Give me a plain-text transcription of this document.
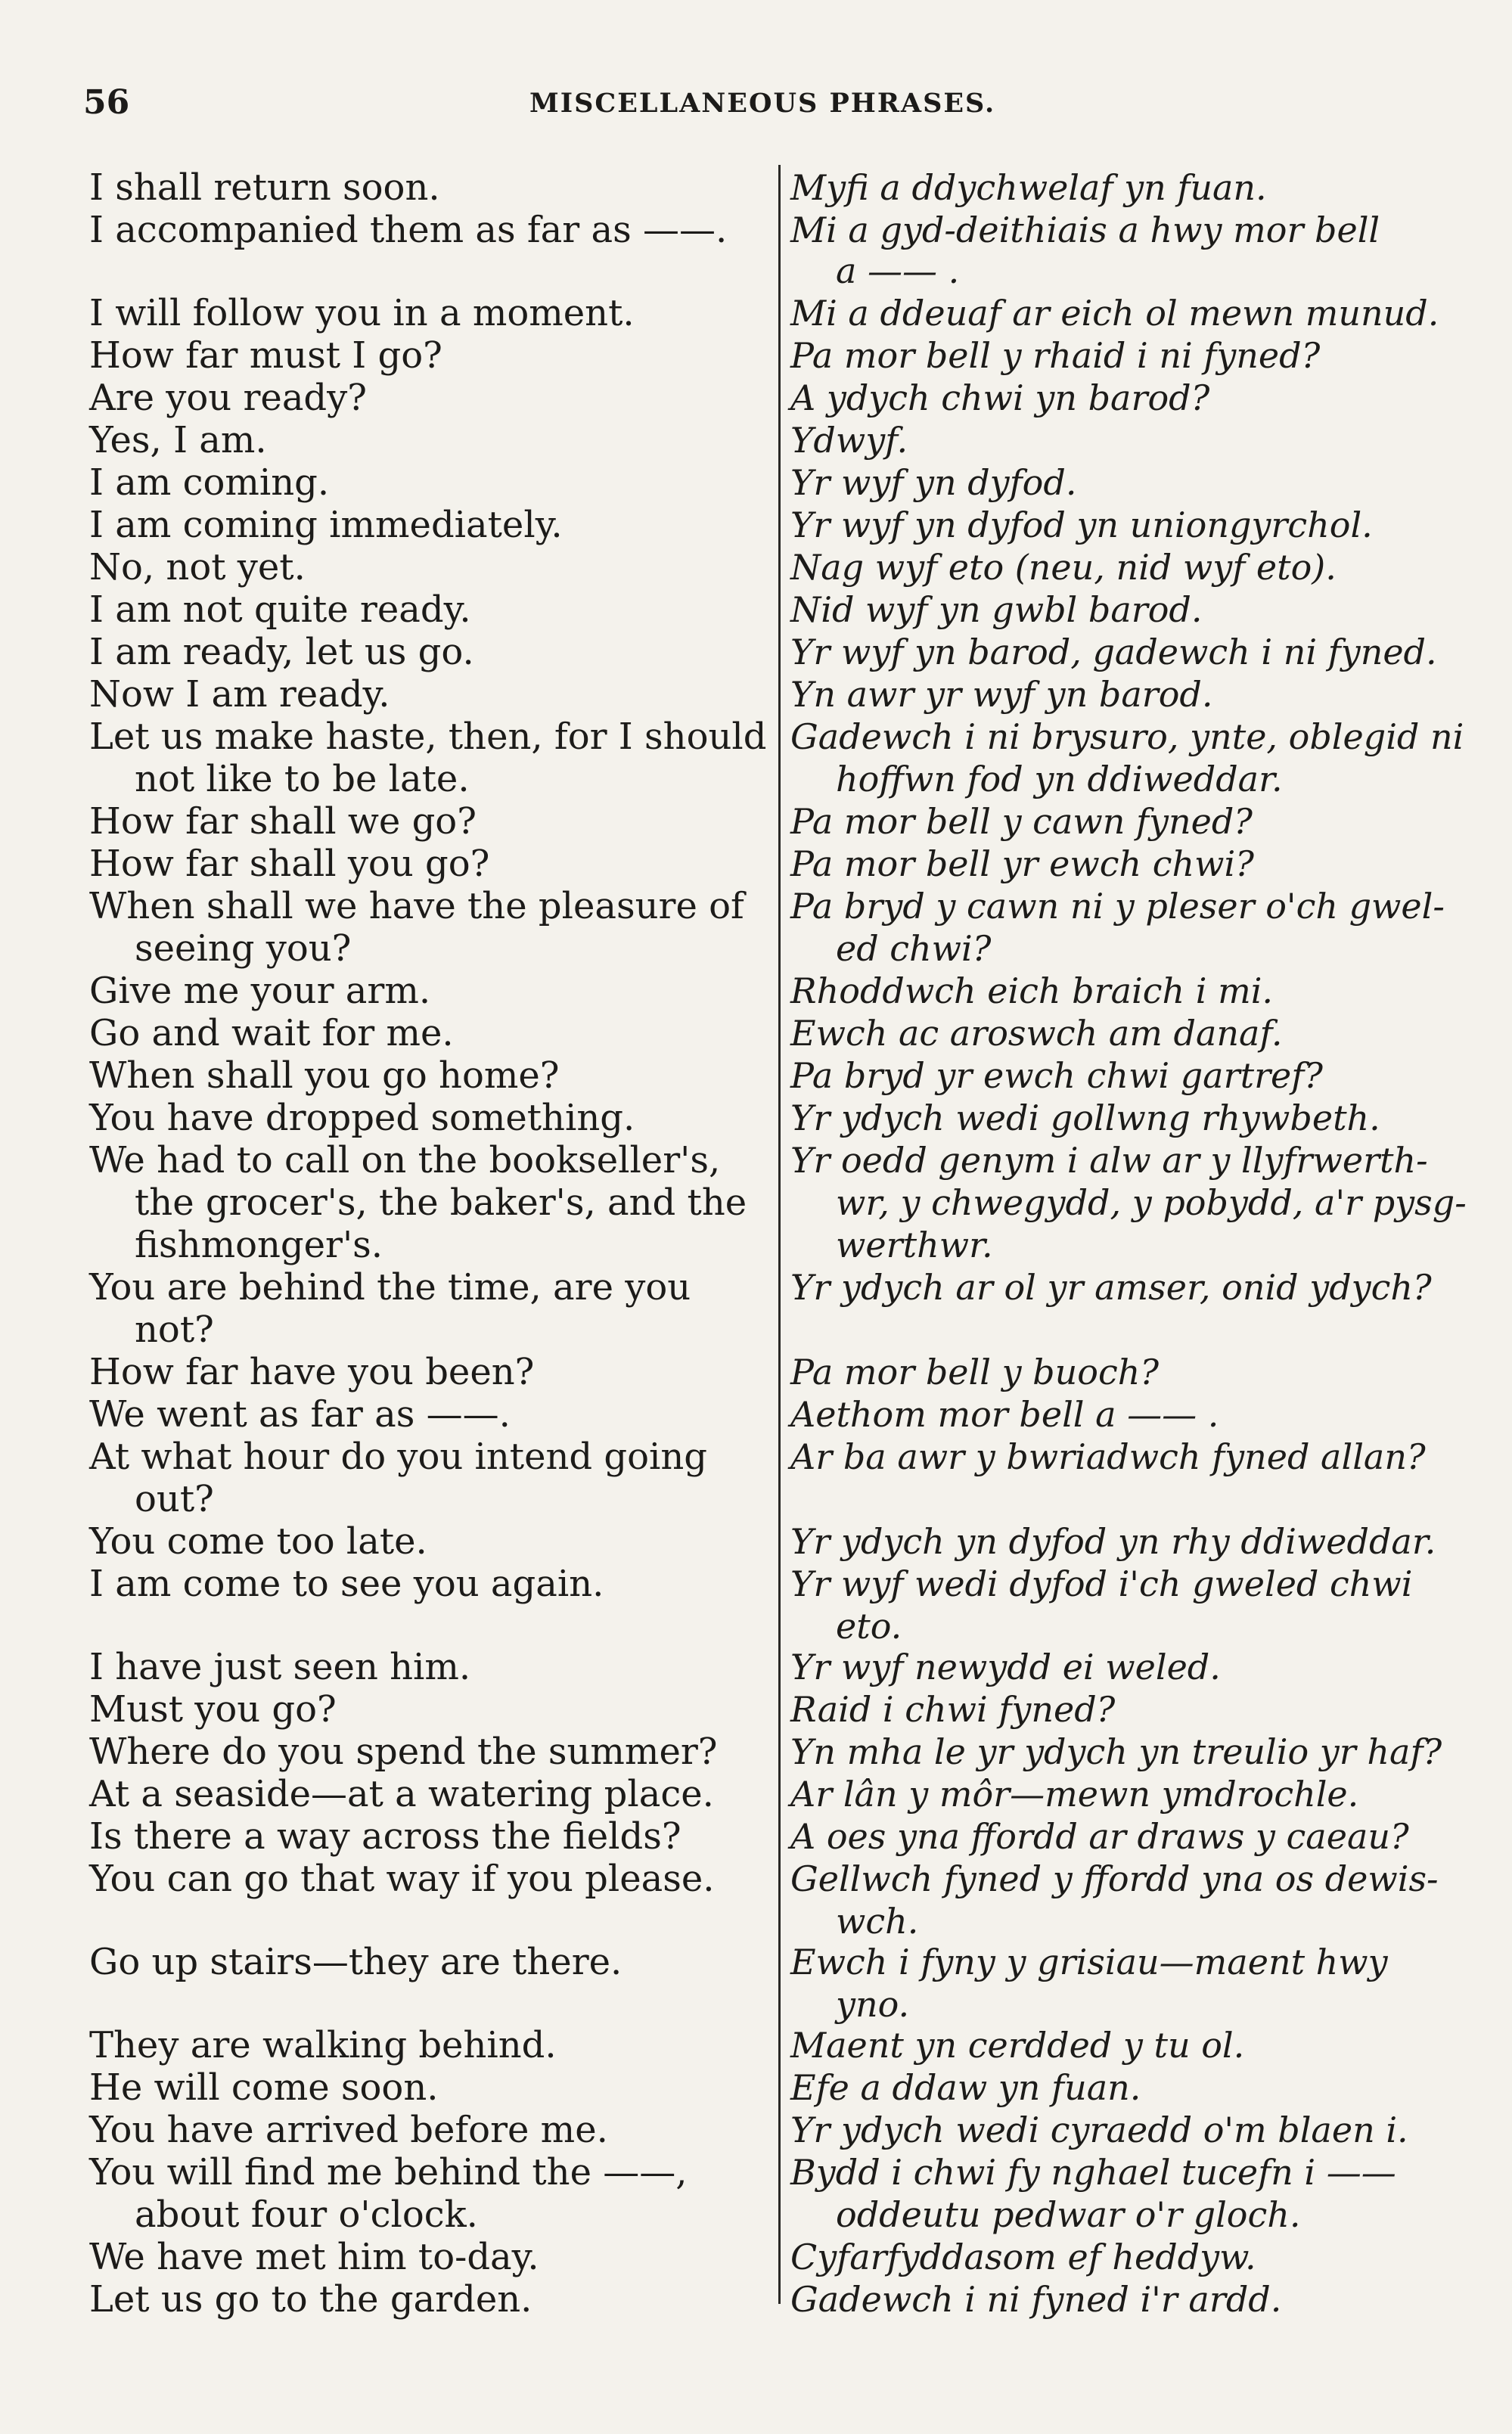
56	MISCELLANEOUS PHRASES.
I shall return soon.
I accompanied them as far as ——.
I will follow you in a moment.
How far must I go?
Are you ready?
Yes, I am.
I am coming.
I am coming immediately.
No, not yet.
I am not quite ready.
I am ready, let us go.
Now I am ready.
Let us make haste, then, for I should
not like to be late.
How far shall we go?
How far shall you go?
When shall we have the pleasure of
seeing you?
Give me your arm.
Go and wait for me.
When shall you go home?
You have dropped something.
We had to call on the bookseller's,
the grocer's, the baker's, and the
fishmonger's.
You are behind the time, are you
not?
How far have you been?
We went as far as ——.
At what hour do you intend going
out?
You come too late.
I am come to see you again.
I have just seen him.
Must you go?
Where do you spend the summer?
At a seaside—at a watering place.
Is there a way across the fields?
You can go that way if you please.
Go up stairs—they are there.
They are walking behind.
He will come soon.
You have arrived before me.
You will find me behind the ——,
about four o'clock.
We have met him to-day.
Let us go to the garden.
Myfi a ddychwelaf yn fuan.
Mi a gyd-deithiais a hwy mor bell
a —— .
Mi a ddeuaf ar eich ol mewn munud.
Pa mor bell y rhaid i ni fyned?
A ydych chwi yn barod?
Ydwyf.
Yr wyf yn dyfod.
Yr wyf yn dyfod yn uniongyrchol.
Nag wyf eto (neu, nid wyf eto).
Nid wyf yn gwbl barod.
Yr wyf yn barod, gadewch i ni fyned.
Yn awr yr wyf yn barod.
Gadewch i ni brysuro, ynte, oblegid ni
hoffwn fod yn ddiweddar.
Pa mor bell y cawn fyned?
Pa mor bell yr ewch chwi?
Pa bryd y cawn ni y pleser o'ch gwel-
ed chwi?
Rhoddwch eich braich i mi.
Ewch ac aroswch am danaf.
Pa bryd yr ewch chwi gartref?
Yr ydych wedi gollwng rhywbeth.
Yr oedd genym i alw ar y llyfrwerth-
wr, y chwegydd, y pobydd, a'r pysg-
werthwr.
Yr ydych ar ol yr amser, onid ydych?
Pa mor bell y buoch?
Aethom mor bell a —— .
Ar ba awr y bwriadwch fyned allan?
Yr ydych yn dyfod yn rhy ddiweddar.
Yr wyf wedi dyfod i'ch gweled chwi
eto.
Yr wyf newydd ei weled.
Raid i chwi fyned?
Yn mha le yr ydych yn treulio yr haf?
Ar lân y môr—mewn ymdrochle.
A oes yna ffordd ar draws y caeau?
Gellwch fyned y ffordd yna os dewis-
wch.
Ewch i fyny y grisiau—maent hwy
yno.
Maent yn cerdded y tu ol.
Efe a ddaw yn fuan.
Yr ydych wedi cyraedd o'm blaen i.
Bydd i chwi fy nghael tucefn i ——
oddeutu pedwar o'r gloch.
Cyfarfyddasom ef heddyw.
Gadewch i ni fyned i'r ardd.
